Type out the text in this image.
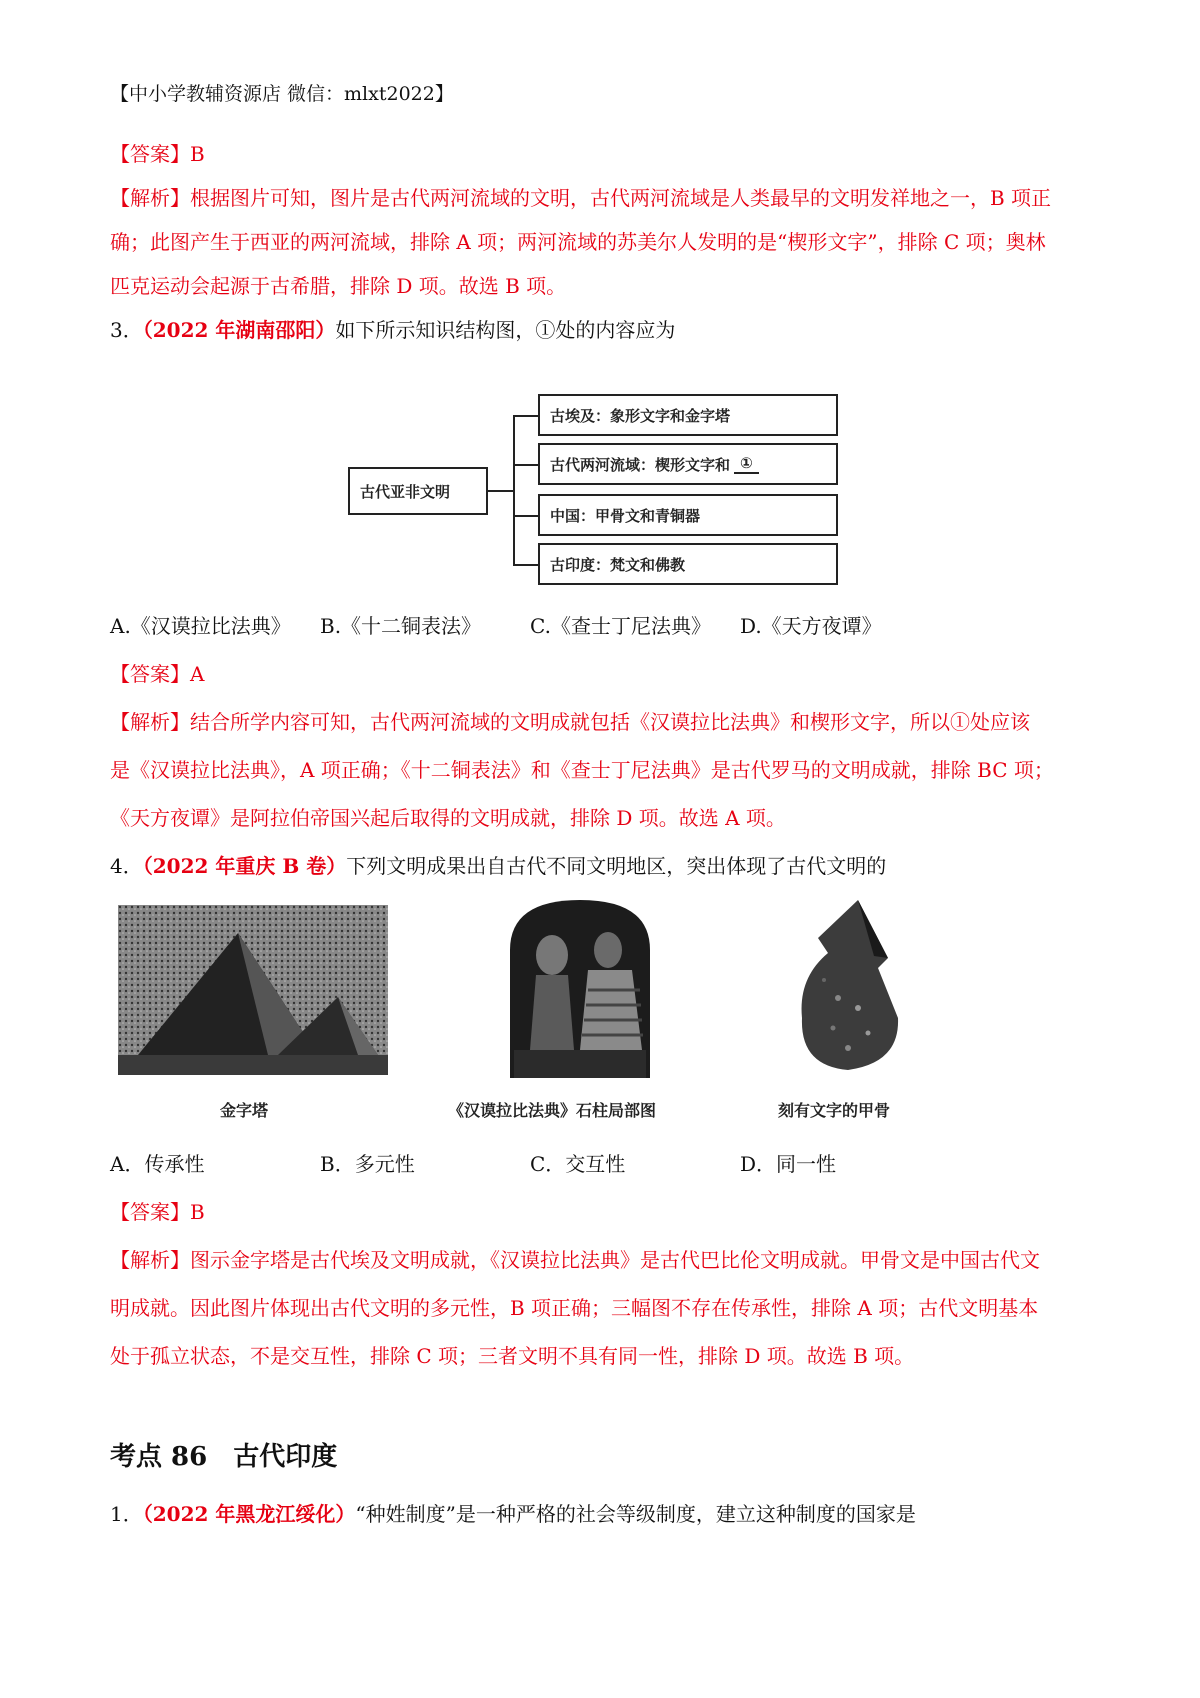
【中小学教辅资源店 微信：mlxt2022】
【答案】B
【解析】根据图片可知，图片是古代两河流域的文明，古代两河流域是人类最早的文明发祥地之一，B 项正
确；此图产生于西亚的两河流域，排除 A 项；两河流域的苏美尔人发明的是“楔形文字”，排除 C 项；奥林
匹克运动会起源于古希腊，排除 D 项。故选 B 项。
3．（2022 年湖南邵阳）如下所示知识结构图，①处的内容应为
古代亚非文明
古埃及：象形文字和金字塔
古代两河流域：楔形文字和 ①
中国：甲骨文和青铜器
古印度：梵文和佛教
A.《汉谟拉比法典》 B.《十二铜表法》 C.《查士丁尼法典》 D.《天方夜谭》
【答案】A
【解析】结合所学内容可知，古代两河流域的文明成就包括《汉谟拉比法典》和楔形文字，所以①处应该
是《汉谟拉比法典》，A 项正确；《十二铜表法》和《查士丁尼法典》是古代罗马的文明成就，排除 BC 项；
《天方夜谭》是阿拉伯帝国兴起后取得的文明成就，排除 D 项。故选 A 项。
4．（2022 年重庆 B 卷）下列文明成果出自古代不同文明地区，突出体现了古代文明的
金字塔	《汉谟拉比法典》石柱局部图	刻有文字的甲骨
A．传承性	B．多元性	C．交互性	D．同一性
【答案】B
【解析】图示金字塔是古代埃及文明成就，《汉谟拉比法典》是古代巴比伦文明成就。甲骨文是中国古代文
明成就。因此图片体现出古代文明的多元性，B 项正确；三幅图不存在传承性，排除 A 项；古代文明基本
处于孤立状态，不是交互性，排除 C 项；三者文明不具有同一性，排除 D 项。故选 B 项。
考点 86　古代印度
1．（2022 年黑龙江绥化）“种姓制度”是一种严格的社会等级制度，建立这种制度的国家是
